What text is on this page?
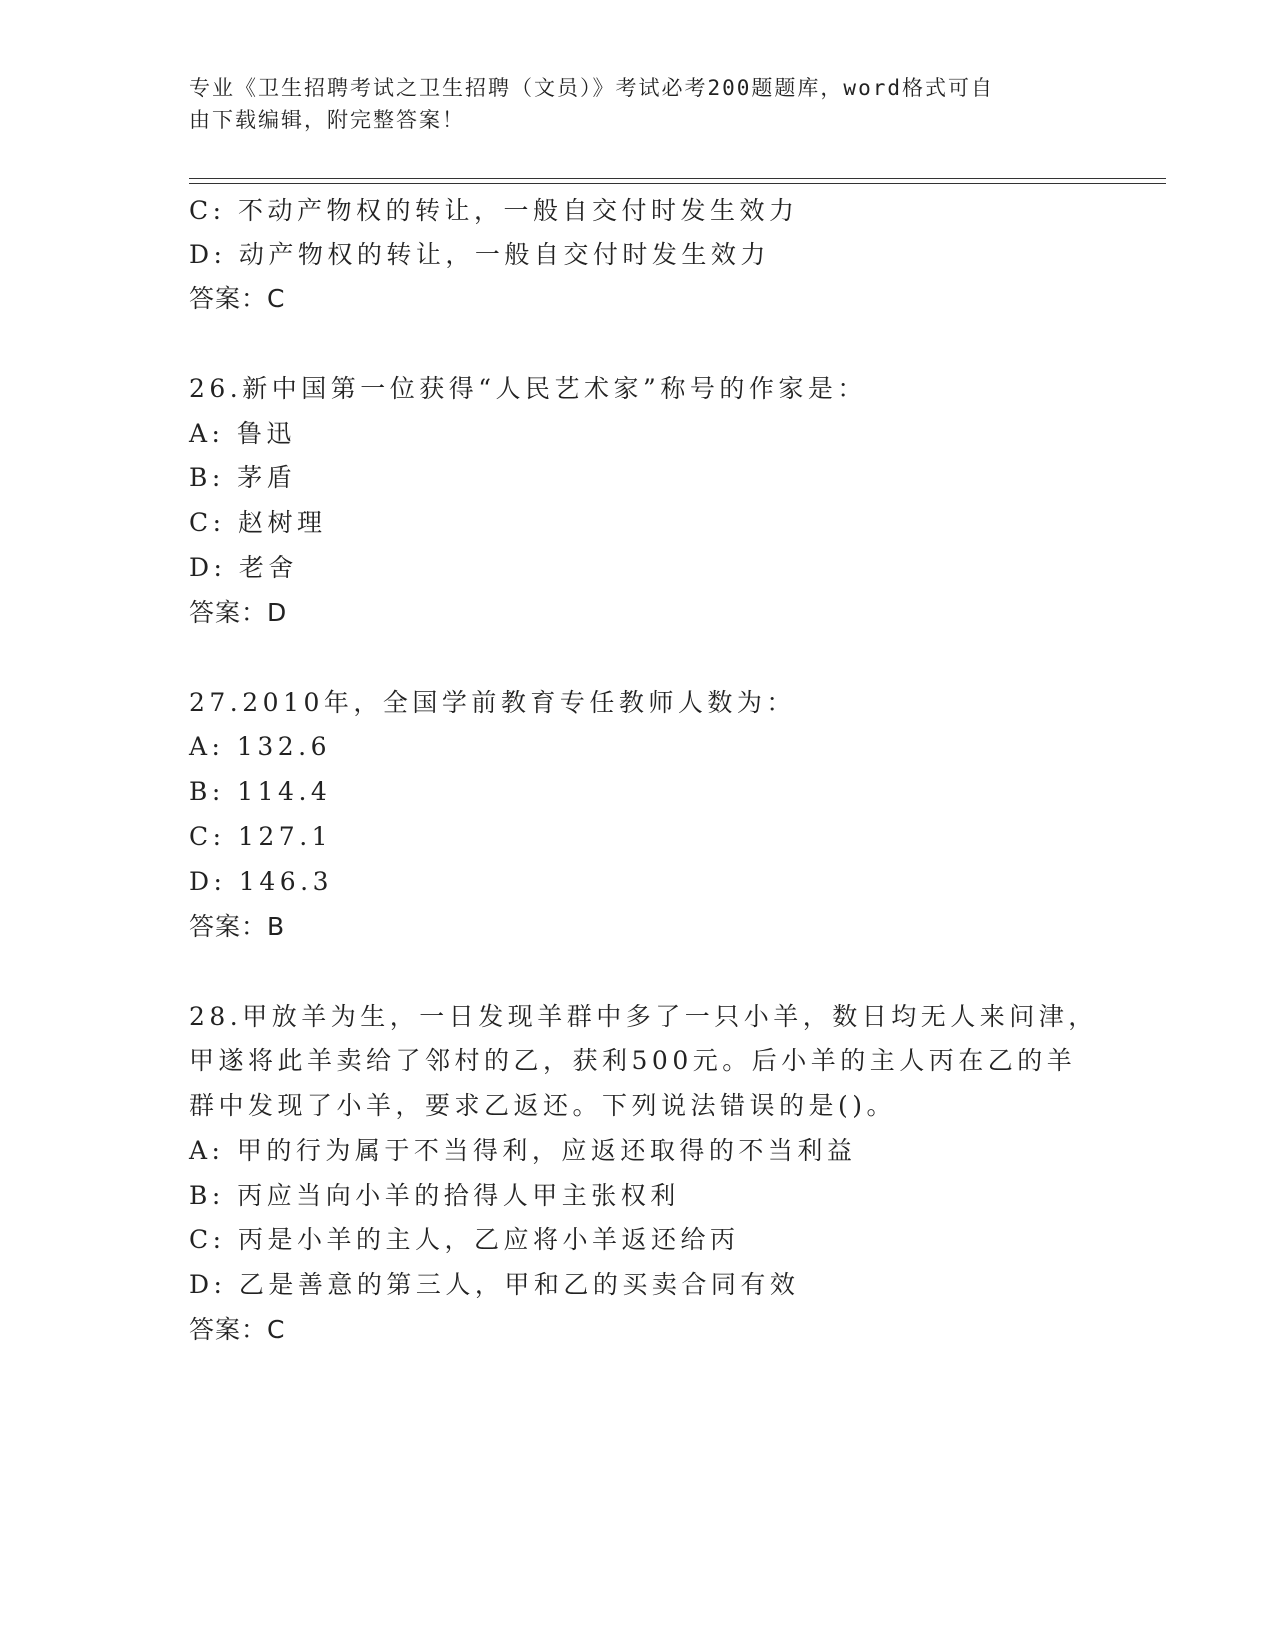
专业《卫生招聘考试之卫生招聘（文员）》考试必考200题题库，word格式可自
由下载编辑，附完整答案！
C: 不动产物权的转让，一般自交付时发生效力
D: 动产物权的转让，一般自交付时发生效力
答案：C
26.新中国第一位获得“人民艺术家”称号的作家是：
A: 鲁迅
B: 茅盾
C: 赵树理
D: 老舍
答案：D
27.2010年，全国学前教育专任教师人数为：
A: 132.6
B: 114.4
C: 127.1
D: 146.3
答案：B
28.甲放羊为生，一日发现羊群中多了一只小羊，数日均无人来问津，
甲遂将此羊卖给了邻村的乙，获利500元。后小羊的主人丙在乙的羊
群中发现了小羊，要求乙返还。下列说法错误的是()。
A: 甲的行为属于不当得利，应返还取得的不当利益
B: 丙应当向小羊的拾得人甲主张权利
C: 丙是小羊的主人，乙应将小羊返还给丙
D: 乙是善意的第三人，甲和乙的买卖合同有效
答案：C
